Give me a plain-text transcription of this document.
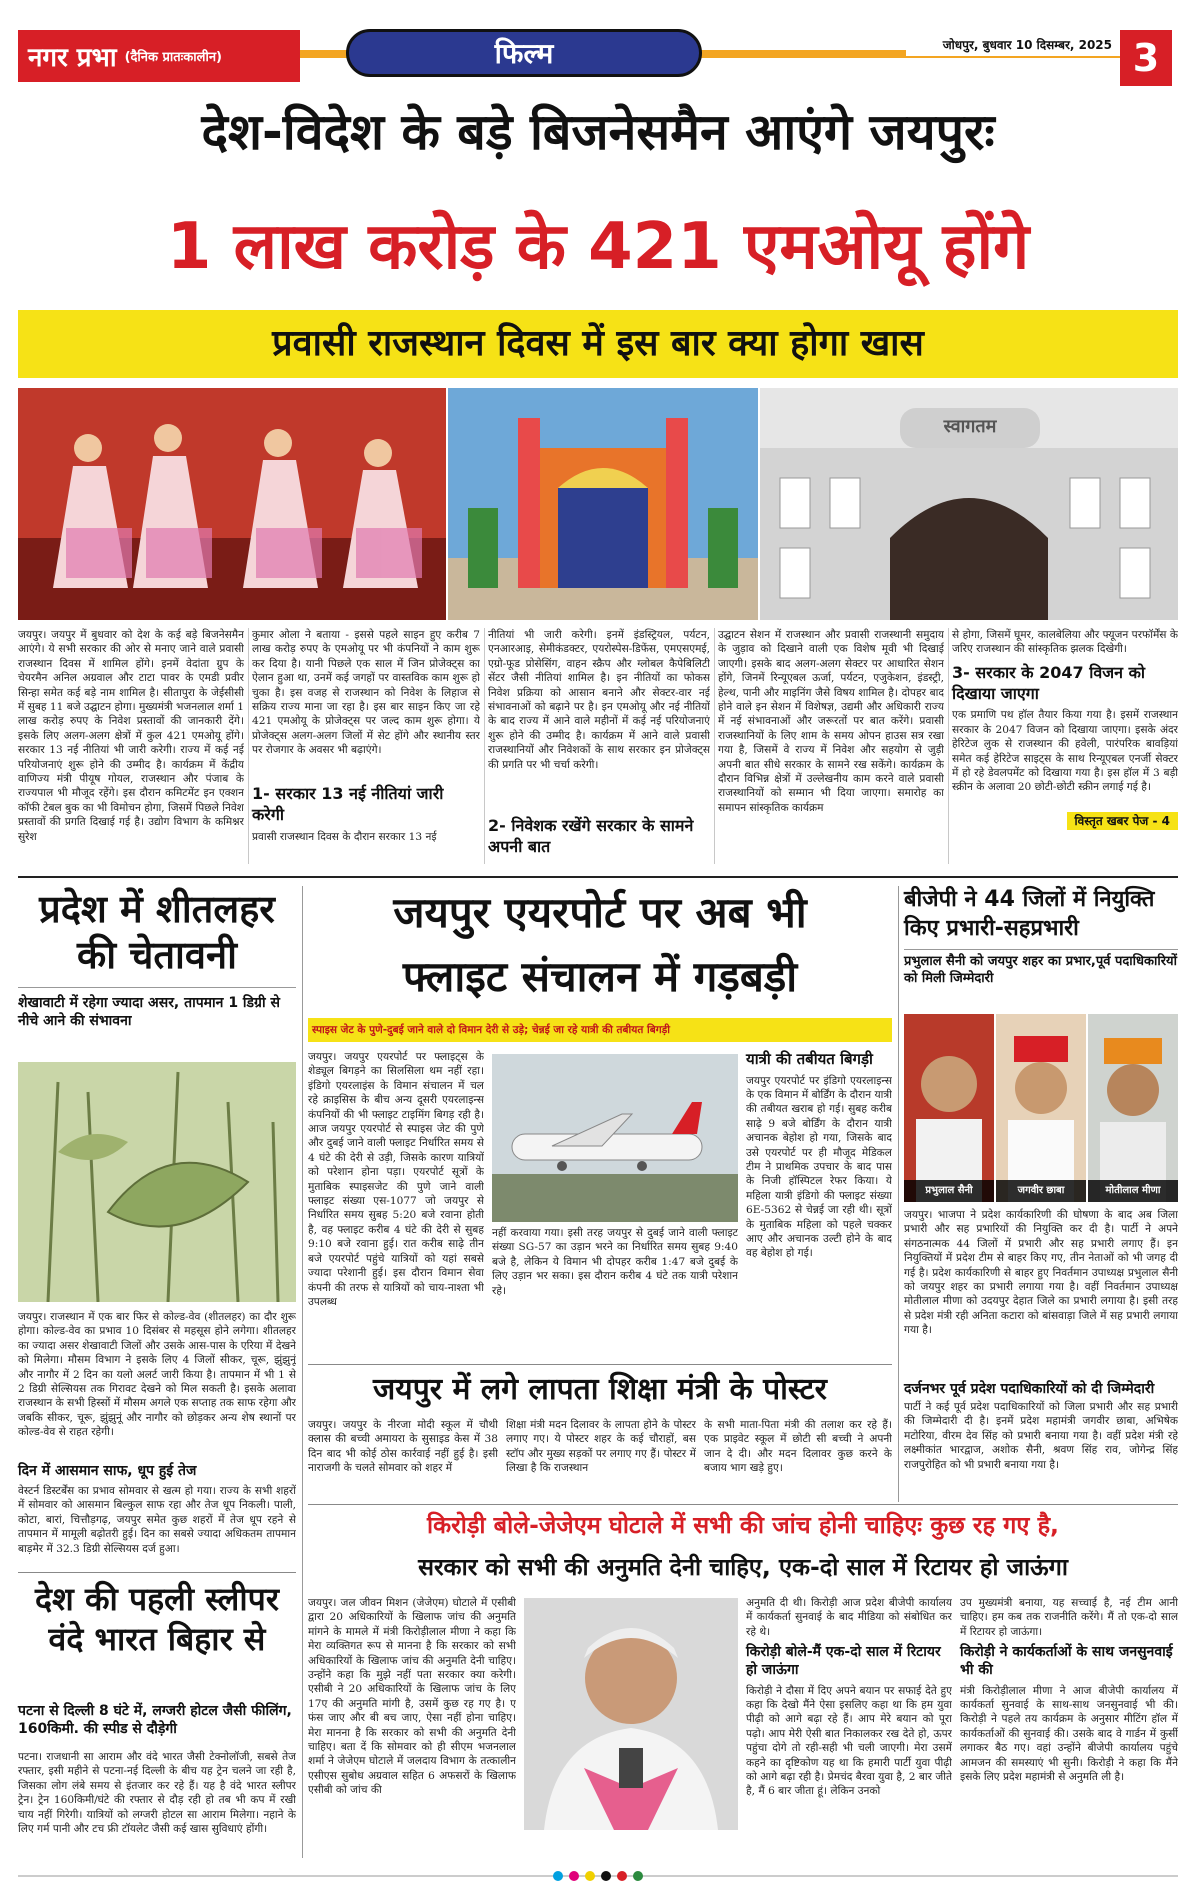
नगर प्रभा (दैनिक प्रातःकालीन)	फिल्म	जोधपुर, बुधवार 10 दिसम्बर, 2025 3
देश-विदेश के बड़े बिजनेसमैन आएंगे जयपुरः
1 लाख करोड़ के 421 एमओयू होंगे
प्रवासी राजस्थान दिवस में इस बार क्या होगा खास
स्वागतम
जयपुर। जयपुर में बुधवार को देश के कई बड़े बिजनेसमैन आएंगे। ये सभी सरकार की ओर से मनाए जाने वाले प्रवासी राजस्थान दिवस में शामिल होंगे। इनमें वेदांता ग्रुप के चेयरमैन अनिल अग्रवाल और टाटा पावर के एमडी प्रवीर सिन्हा समेत कई बड़े नाम शामिल है। सीतापुरा के जेईसीसी में सुबह 11 बजे उद्घाटन होगा। मुख्यमंत्री भजनलाल शर्मा 1 लाख करोड़ रुपए के निवेश प्रस्तावों की जानकारी देंगे। इसके लिए अलग-अलग क्षेत्रों में कुल 421 एमओयू होंगे। सरकार 13 नई नीतियां भी जारी करेगी। राज्य में कई नई परियोजनाएं शुरू होने की उम्मीद है। कार्यक्रम में केंद्रीय वाणिज्य मंत्री पीयूष गोयल, राजस्थान और पंजाब के राज्यपाल भी मौजूद रहेंगे। इस दौरान कमिटमेंट इन एक्शन कॉफी टेबल बुक का भी विमोचन होगा, जिसमें पिछले निवेश प्रस्तावों की प्रगति दिखाई गई है। उद्योग विभाग के कमिश्नर सुरेश
कुमार ओला ने बताया - इससे पहले साइन हुए करीब 7 लाख करोड़ रुपए के एमओयू पर भी कंपनियों ने काम शुरू कर दिया है। यानी पिछले एक साल में जिन प्रोजेक्ट्स का ऐलान हुआ था, उनमें कई जगहों पर वास्तविक काम शुरू हो चुका है। इस वजह से राजस्थान को निवेश के लिहाज से सक्रिय राज्य माना जा रहा है। इस बार साइन किए जा रहे 421 एमओयू के प्रोजेक्ट्स पर जल्द काम शुरू होगा। ये प्रोजेक्ट्स अलग-अलग जिलों में सेट होंगे और स्थानीय स्तर पर रोजगार के अवसर भी बढ़ाएंगे।
1- सरकार 13 नई नीतियां जारी करेगी
प्रवासी राजस्थान दिवस के दौरान सरकार 13 नई
नीतियां भी जारी करेगी। इनमें इंडस्ट्रियल, पर्यटन, एनआरआइ, सेमीकंडक्टर, एयरोस्पेस-डिफेंस, एमएसएमई, एग्रो-फूड प्रोसेसिंग, वाहन स्क्रैप और ग्लोबल कैपेबिलिटी सेंटर जैसी नीतियां शामिल है। इन नीतियों का फोकस निवेश प्रक्रिया को आसान बनाने और सेक्टर-वार नई संभावनाओं को बढ़ाने पर है। इन एमओयू और नई नीतियों के बाद राज्य में आने वाले महीनों में कई नई परियोजनाएं शुरू होने की उम्मीद है। कार्यक्रम में आने वाले प्रवासी राजस्थानियों और निवेशकों के साथ सरकार इन प्रोजेक्ट्स की प्रगति पर भी चर्चा करेगी।
2- निवेशक रखेंगे सरकार के सामने अपनी बात
उद्घाटन सेशन में राजस्थान और प्रवासी राजस्थानी समुदाय के जुड़ाव को दिखाने वाली एक विशेष मूवी भी दिखाई जाएगी। इसके बाद अलग-अलग सेक्टर पर आधारित सेशन होंगे, जिनमें रिन्यूएबल ऊर्जा, पर्यटन, एजुकेशन, इंडस्ट्री, हेल्थ, पानी और माइनिंग जैसे विषय शामिल है। दोपहर बाद होने वाले इन सेशन में विशेषज्ञ, उद्यमी और अधिकारी राज्य में नई संभावनाओं और जरूरतों पर बात करेंगे। प्रवासी राजस्थानियों के लिए शाम के समय ओपन हाउस सत्र रखा गया है, जिसमें वे राज्य में निवेश और सहयोग से जुड़ी अपनी बात सीधे सरकार के सामने रख सकेंगे। कार्यक्रम के दौरान विभिन्न क्षेत्रों में उल्लेखनीय काम करने वाले प्रवासी राजस्थानियों को सम्मान भी दिया जाएगा। समारोह का समापन सांस्कृतिक कार्यक्रम
से होगा, जिसमें घूमर, कालबेलिया और फ्यूजन परफॉर्मेंस के जरिए राजस्थान की सांस्कृतिक झलक दिखेगी।
3- सरकार के 2047 विजन को दिखाया जाएगा
एक प्रमाणि पथ हॉल तैयार किया गया है। इसमें राजस्थान सरकार के 2047 विजन को दिखाया जाएगा। इसके अंदर हेरिटेज लुक से राजस्थान की हवेली, पारंपरिक बावड़ियां समेत कई हेरिटेज साइट्स के साथ रिन्यूएबल एनर्जी सेक्टर में हो रहे डेवलपमेंट को दिखाया गया है। इस हॉल में 3 बड़ी स्क्रीन के अलावा 20 छोटी-छोटी स्क्रीन लगाई गई है।
विस्तृत खबर पेज - 4
प्रदेश में शीतलहर की चेतावनी
शेखावाटी में रहेगा ज्यादा असर, तापमान 1 डिग्री से नीचे आने की संभावना
जयपुर। राजस्थान में एक बार फिर से कोल्ड-वेव (शीतलहर) का दौर शुरू होगा। कोल्ड-वेव का प्रभाव 10 दिसंबर से महसूस होने लगेगा। शीतलहर का ज्यादा असर शेखावाटी जिलों और उसके आस-पास के एरिया में देखने को मिलेगा। मौसम विभाग ने इसके लिए 4 जिलों सीकर, चूरू, झुंझुनूं और नागौर में 2 दिन का यलो अलर्ट जारी किया है। तापमान में भी 1 से 2 डिग्री सेल्सियस तक गिरावट देखने को मिल सकती है। इसके अलावा राजस्थान के सभी हिस्सों में मौसम अगले एक सप्ताह तक साफ रहेगा और जबकि सीकर, चूरू, झुंझुनूं और नागौर को छोड़कर अन्य शेष स्थानों पर कोल्ड-वेव से राहत रहेगी।
दिन में आसमान साफ, धूप हुई तेज
वेस्टर्न डिस्टर्बेंस का प्रभाव सोमवार से खत्म हो गया। राज्य के सभी शहरों में सोमवार को आसमान बिल्कुल साफ रहा और तेज धूप निकली। पाली, कोटा, बारां, चित्तौड़गढ़, जयपुर समेत कुछ शहरों में तेज धूप रहने से तापमान में मामूली बढ़ोतरी हुई। दिन का सबसे ज्यादा अधिकतम तापमान बाड़मेर में 32.3 डिग्री सेल्सियस दर्ज हुआ।
देश की पहली स्लीपर वंदे भारत बिहार से
पटना से दिल्ली 8 घंटे में, लग्जरी होटल जैसी फीलिंग, 160किमी. की स्पीड से दौड़ेगी
पटना। राजधानी सा आराम और वंदे भारत जैसी टेक्नोलॉजी, सबसे तेज रफ्तार, इसी महीने से पटना-नई दिल्ली के बीच यह ट्रेन चलने जा रही है, जिसका लोग लंबे समय से इंतजार कर रहे हैं। यह है वंदे भारत स्लीपर ट्रेन। ट्रेन 160किमी/घंटे की रफ्तार से दौड़ रही हो तब भी कप में रखी चाय नहीं गिरेगी। यात्रियों को लग्जरी होटल सा आराम मिलेगा। नहाने के लिए गर्म पानी और टच फ्री टॉयलेट जैसी कई खास सुविधाएं होंगी।
जयपुर एयरपोर्ट पर अब भी
फ्लाइट संचालन में गड़बड़ी
स्पाइस जेट के पुणे-दुबई जाने वाले दो विमान देरी से उड़े; चेन्नई जा रहे यात्री की तबीयत बिगड़ी
जयपुर। जयपुर एयरपोर्ट पर फ्लाइट्स के शेड्यूल बिगड़ने का सिलसिला थम नहीं रहा। इंडिगो एयरलाइंस के विमान संचालन में चल रहे क्राइसिस के बीच अन्य दूसरी एयरलाइन्स कंपनियों की भी फ्लाइट टाइमिंग बिगड़ रही है। आज जयपुर एयरपोर्ट से स्पाइस जेट की पुणे और दुबई जाने वाली फ्लाइट निर्धारित समय से 4 घंटे की देरी से उड़ी, जिसके कारण यात्रियों को परेशान होना पड़ा। एयरपोर्ट सूत्रों के मुताबिक स्पाइसजेट की पुणे जाने वाली फ्लाइट संख्या एस-1077 जो जयपुर से निर्धारित समय सुबह 5:20 बजे रवाना होती है, वह फ्लाइट करीब 4 घंटे की देरी से सुबह 9:10 बजे रवाना हुई। रात करीब साढ़े तीन बजे एयरपोर्ट पहुंचे यात्रियों को यहां सबसे ज्यादा परेशानी हुई। इस दौरान विमान सेवा कंपनी की तरफ से यात्रियों को चाय-नाश्ता भी उपलब्ध
नहीं करवाया गया। इसी तरह जयपुर से दुबई जाने वाली फ्लाइट संख्या SG-57 का उड़ान भरने का निर्धारित समय सुबह 9:40 बजे है, लेकिन ये विमान भी दोपहर करीब 1:47 बजे दुबई के लिए उड़ान भर सका। इस दौरान करीब 4 घंटे तक यात्री परेशान रहे।
यात्री की तबीयत बिगड़ी
जयपुर एयरपोर्ट पर इंडिगो एयरलाइन्स के एक विमान में बोर्डिंग के दौरान यात्री की तबीयत खराब हो गई। सुबह करीब साढ़े 9 बजे बोर्डिंग के दौरान यात्री अचानक बेहोश हो गया, जिसके बाद उसे एयरपोर्ट पर ही मौजूद मेडिकल टीम ने प्राथमिक उपचार के बाद पास के निजी हॉस्पिटल रेफर किया। ये महिला यात्री इंडिगो की फ्लाइट संख्या 6E-5362 से चेन्नई जा रही थी। सूत्रों के मुताबिक महिला को पहले चक्कर आए और अचानक उल्टी होने के बाद वह बेहोश हो गई।
जयपुर में लगे लापता शिक्षा मंत्री के पोस्टर
जयपुर। जयपुर के नीरजा मोदी स्कूल में चौथी क्लास की बच्ची अमायरा के सुसाइड केस में 38 दिन बाद भी कोई ठोस कार्रवाई नहीं हुई है। इसी नाराजगी के चलते सोमवार को शहर में
शिक्षा मंत्री मदन दिलावर के लापता होने के पोस्टर लगाए गए। ये पोस्टर शहर के कई चौराहों, बस स्टॉप और मुख्य सड़कों पर लगाए गए हैं। पोस्टर में लिखा है कि राजस्थान
के सभी माता-पिता मंत्री की तलाश कर रहे हैं। एक प्राइवेट स्कूल में छोटी सी बच्ची ने अपनी जान दे दी। और मदन दिलावर कुछ करने के बजाय भाग खड़े हुए।
बीजेपी ने 44 जिलों में नियुक्ति किए प्रभारी-सहप्रभारी
प्रभुलाल सैनी को जयपुर शहर का प्रभार,पूर्व पदाधिकारियों को मिली जिम्मेदारी
प्रभुलाल सैनी	जगवीर छाबा	मोतीलाल मीणा
जयपुर। भाजपा ने प्रदेश कार्यकारिणी की घोषणा के बाद अब जिला प्रभारी और सह प्रभारियों की नियुक्ति कर दी है। पार्टी ने अपने संगठनात्मक 44 जिलों में प्रभारी और सह प्रभारी लगाए हैं। इन नियुक्तियों में प्रदेश टीम से बाहर किए गए, तीन नेताओं को भी जगह दी गई है। प्रदेश कार्यकारिणी से बाहर हुए निवर्तमान उपाध्यक्ष प्रभुलाल सैनी को जयपुर शहर का प्रभारी लगाया गया है। वहीं निवर्तमान उपाध्यक्ष मोतीलाल मीणा को उदयपुर देहात जिले का प्रभारी लगाया है। इसी तरह से प्रदेश मंत्री रही अनिता कटारा को बांसवाड़ा जिले में सह प्रभारी लगाया गया है।
दर्जनभर पूर्व प्रदेश पदाधिकारियों को दी जिम्मेदारी
पार्टी ने कई पूर्व प्रदेश पदाधिकारियों को जिला प्रभारी और सह प्रभारी की जिम्मेदारी दी है। इनमें प्रदेश महामंत्री जगवीर छाबा, अभिषेक मटोरिया, वीरम देव सिंह को प्रभारी बनाया गया है। वहीं प्रदेश मंत्री रहे लक्ष्मीकांत भारद्वाज, अशोक सैनी, श्रवण सिंह राव, जोगेन्द्र सिंह राजपुरोहित को भी प्रभारी बनाया गया है।
किरोड़ी बोले-जेजेएम घोटाले में सभी की जांच होनी चाहिएः कुछ रह गए है,
सरकार को सभी की अनुमति देनी चाहिए, एक-दो साल में रिटायर हो जाऊंगा
जयपुर। जल जीवन मिशन (जेजेएम) घोटाले में एसीबी द्वारा 20 अधिकारियों के खिलाफ जांच की अनुमति मांगने के मामले में मंत्री किरोड़ीलाल मीणा ने कहा कि मेरा व्यक्तिगत रूप से मानना है कि सरकार को सभी अधिकारियों के खिलाफ जांच की अनुमति देनी चाहिए। उन्होंने कहा कि मुझे नहीं पता सरकार क्या करेगी। एसीबी ने 20 अधिकारियों के खिलाफ जांच के लिए 17ए की अनुमति मांगी है, उसमें कुछ रह गए है। ए फंस जाए और बी बच जाए, ऐसा नहीं होना चाहिए। मेरा मानना है कि सरकार को सभी की अनुमति देनी चाहिए। बता दें कि सोमवार को ही सीएम भजनलाल शर्मा ने जेजेएम घोटाले में जलदाय विभाग के तत्कालीन एसीएस सुबोध अग्रवाल सहित 6 अफसरों के खिलाफ एसीबी को जांच की
अनुमति दी थी। किरोड़ी आज प्रदेश बीजेपी कार्यालय में कार्यकर्ता सुनवाई के बाद मीडिया को संबोधित कर रहे थे।
किरोड़ी बोले-मैं एक-दो साल में रिटायर हो जाऊंगा
किरोड़ी ने दौसा में दिए अपने बयान पर सफाई देते हुए कहा कि देखो मैंने ऐसा इसलिए कहा था कि हम युवा पीढ़ी को आगे बढ़ा रहे हैं। आप मेरे बयान को पूरा पढ़ो। आप मेरी ऐसी बात निकालकर रख देते हो, ऊपर पहुंचा दोगे तो रही-सही भी चली जाएगी। मेरा उसमें कहने का दृष्टिकोण यह था कि हमारी पार्टी युवा पीढ़ी को आगे बढ़ा रही है। प्रेमचंद बैरवा युवा है, 2 बार जीते है, मैं 6 बार जीता हूं। लेकिन उनको
उप मुख्यमंत्री बनाया, यह सच्चाई है, नई टीम आनी चाहिए। हम कब तक राजनीति करेंगे। मैं तो एक-दो साल में रिटायर हो जाऊंगा।
किरोड़ी ने कार्यकर्ताओं के साथ जनसुनवाई भी की
मंत्री किरोड़ीलाल मीणा ने आज बीजेपी कार्यालय में कार्यकर्ता सुनवाई के साथ-साथ जनसुनवाई भी की। किरोड़ी ने पहले तय कार्यक्रम के अनुसार मीटिंग हॉल में कार्यकर्ताओं की सुनवाई की। उसके बाद वे गार्डन में कुर्सी लगाकर बैठ गए। वहां उन्होंने बीजेपी कार्यालय पहुंचे आमजन की समस्याएं भी सुनी। किरोड़ी ने कहा कि मैंने इसके लिए प्रदेश महामंत्री से अनुमति ली है।
